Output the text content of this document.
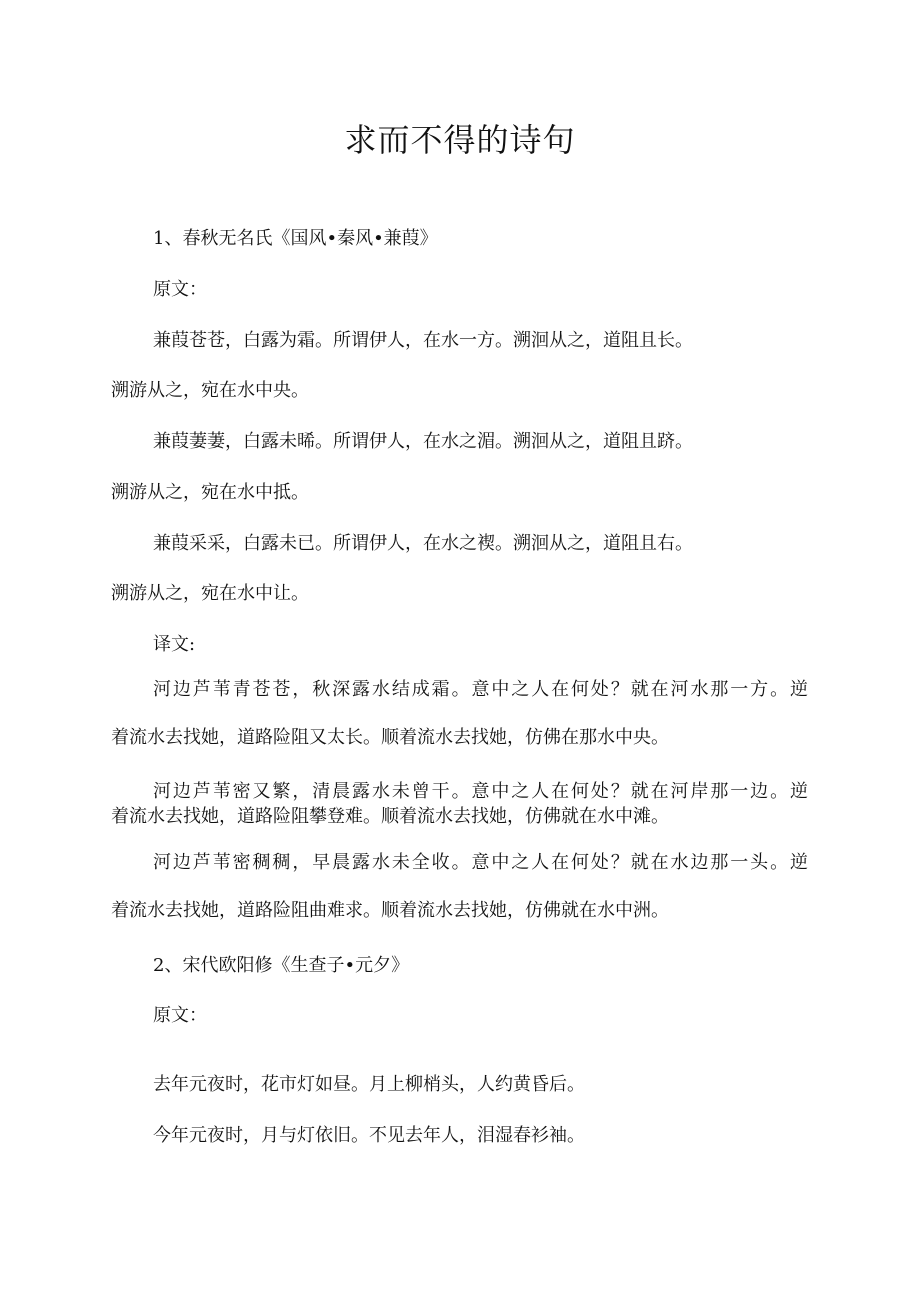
求而不得的诗句
1、春秋无名氏《国风•秦风•兼葭》
原文：
兼葭苍苍，白露为霜。所谓伊人，在水一方。溯洄从之，道阻且长。
溯游从之，宛在水中央。
兼葭萋萋，白露未晞。所谓伊人，在水之湄。溯洄从之，道阻且跻。
溯游从之，宛在水中抵。
兼葭采采，白露未已。所谓伊人，在水之褉。溯洄从之，道阻且右。
溯游从之，宛在水中让。
译文:
河边芦苇青苍苍，秋深露水结成霜。意中之人在何处？就在河水那一方。逆
着流水去找她，道路险阻又太长。顺着流水去找她，仿佛在那水中央。
河边芦苇密又繁，清晨露水未曾干。意中之人在何处？就在河岸那一边。逆
着流水去找她，道路险阻攀登难。顺着流水去找她，仿佛就在水中滩。
河边芦苇密稠稠，早晨露水未全收。意中之人在何处？就在水边那一头。逆
着流水去找她，道路险阻曲难求。顺着流水去找她，仿佛就在水中洲。
2、宋代欧阳修《生查子•元夕》
原文：
去年元夜时，花市灯如昼。月上柳梢头，人约黄昏后。
今年元夜时，月与灯依旧。不见去年人，泪湿春衫袖。
